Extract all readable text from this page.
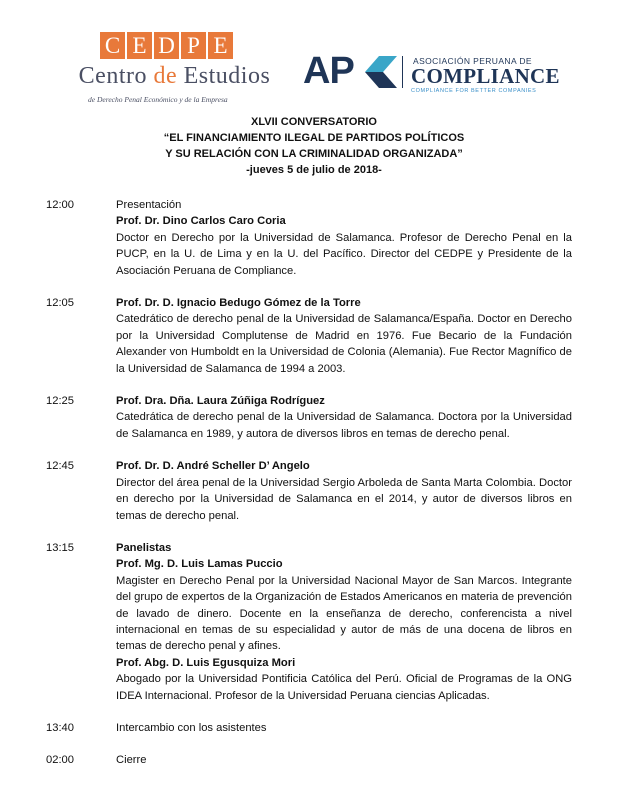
C E D P E
Centro de Estudios
de Derecho Penal Económico y de la Empresa
AP	ASOCIACIÓN PERUANA DE
COMPLIANCE
COMPLIANCE FOR BETTER COMPANIES
XLVII CONVERSATORIO
“EL FINANCIAMIENTO ILEGAL DE PARTIDOS POLÍTICOS
Y SU RELACIÓN CON LA CRIMINALIDAD ORGANIZADA”
-jueves 5 de julio de 2018-
12:00	Presentación
Prof. Dr. Dino Carlos Caro Coria
Doctor en Derecho por la Universidad de Salamanca. Profesor de Derecho Penal en la PUCP, en la U. de Lima y en la U. del Pacífico. Director del CEDPE y Presidente de la Asociación Peruana de Compliance.
12:05	Prof. Dr. D. Ignacio Bedugo Gómez de la Torre
Catedrático de derecho penal de la Universidad de Salamanca/España. Doctor en Derecho por la Universidad Complutense de Madrid en 1976. Fue Becario de la Fundación Alexander von Humboldt en la Universidad de Colonia (Alemania). Fue Rector Magnífico de la Universidad de Salamanca de 1994 a 2003.
12:25	Prof. Dra. Dña. Laura Zúñiga Rodríguez
Catedrática de derecho penal de la Universidad de Salamanca. Doctora por la Universidad de Salamanca en 1989, y autora de diversos libros en temas de derecho penal.
12:45	Prof. Dr. D. André Scheller D’ Angelo
Director del área penal de la Universidad Sergio Arboleda de Santa Marta Colombia. Doctor en derecho por la Universidad de Salamanca en el 2014, y autor de diversos libros en temas de derecho penal.
13:15	Panelistas
Prof. Mg. D. Luis Lamas Puccio
Magister en Derecho Penal por la Universidad Nacional Mayor de San Marcos. Integrante del grupo de expertos de la Organización de Estados Americanos en materia de prevención de lavado de dinero. Docente en la enseñanza de derecho, conferencista a nivel internacional en temas de su especialidad y autor de más de una docena de libros en temas de derecho penal y afines.
Prof. Abg. D. Luis Egusquiza Mori
Abogado por la Universidad Pontificia Católica del Perú. Oficial de Programas de la ONG IDEA Internacional. Profesor de la Universidad Peruana ciencias Aplicadas.
13:40	Intercambio con los asistentes
02:00	Cierre
